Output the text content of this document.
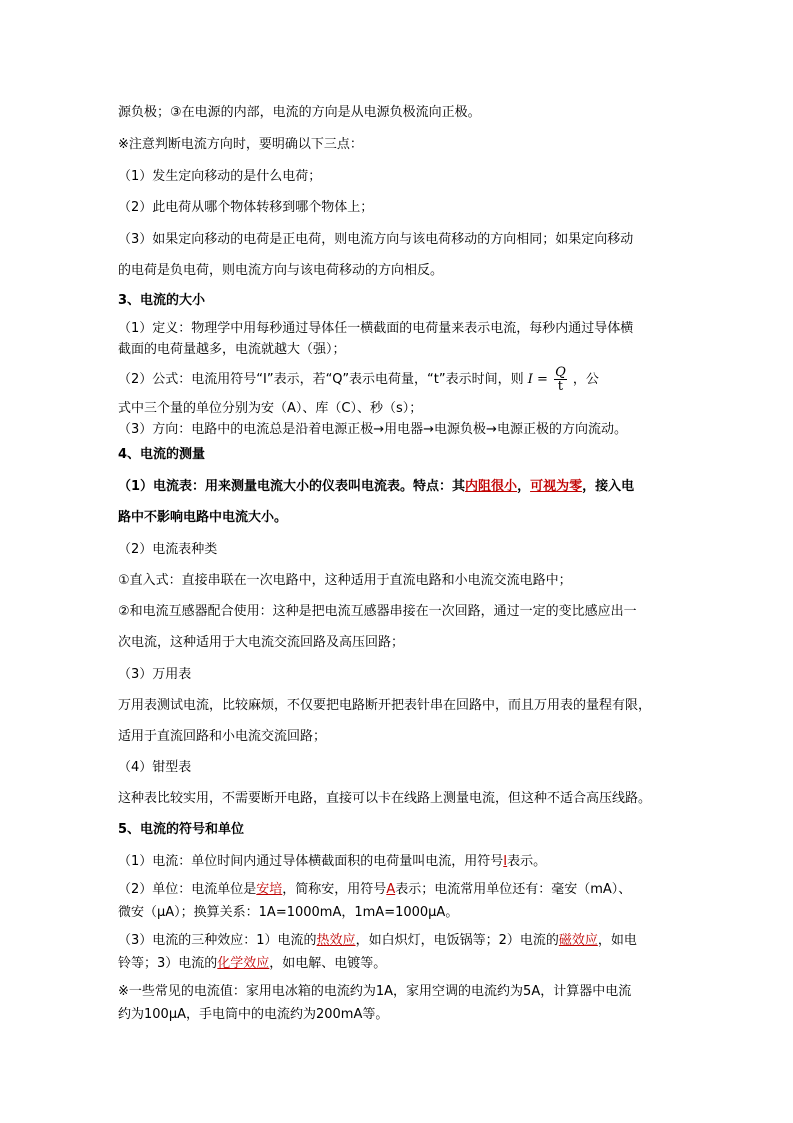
源负极；③在电源的内部，电流的方向是从电源负极流向正极。
※注意判断电流方向时，要明确以下三点：
（1）发生定向移动的是什么电荷；
（2）此电荷从哪个物体转移到哪个物体上；
（3）如果定向移动的电荷是正电荷，则电流方向与该电荷移动的方向相同；如果定向移动
的电荷是负电荷，则电流方向与该电荷移动的方向相反。
3、电流的大小
（1）定义：物理学中用每秒通过导体任一横截面的电荷量来表示电流，每秒内通过导体横
截面的电荷量越多，电流就越大（强）；
（2）公式：电流用符号“I”表示，若“Q”表示电荷量，“t”表示时间，则 $I = \frac{Q}{t}$ ，公
式中三个量的单位分别为安（A）、库（C）、秒（s）；
（3）方向：电路中的电流总是沿着电源正极→用电器→电源负极→电源正极的方向流动。
4、电流的测量
（1）电流表：用来测量电流大小的仪表叫电流表。特点：其内阻很小，可视为零，接入电
路中不影响电路中电流大小。
（2）电流表种类
①直入式：直接串联在一次电路中，这种适用于直流电路和小电流交流电路中；
②和电流互感器配合使用：这种是把电流互感器串接在一次回路，通过一定的变比感应出一
次电流，这种适用于大电流交流回路及高压回路；
（3）万用表
万用表测试电流，比较麻烦，不仅要把电路断开把表针串在回路中，而且万用表的量程有限，
适用于直流回路和小电流交流回路；
（4）钳型表
这种表比较实用，不需要断开电路，直接可以卡在线路上测量电流，但这种不适合高压线路。
5、电流的符号和单位
（1）电流：单位时间内通过导体横截面积的电荷量叫电流，用符号I表示。
（2）单位：电流单位是安培，简称安，用符号A表示；电流常用单位还有：毫安（mA）、
微安（μA）；换算关系：1A=1000mA，1mA=1000μA。
（3）电流的三种效应：1）电流的热效应，如白炽灯，电饭锅等；2）电流的磁效应，如电
铃等；3）电流的化学效应，如电解、电镀等。
※一些常见的电流值：家用电冰箱的电流约为1A，家用空调的电流约为5A，计算器中电流
约为100μA，手电筒中的电流约为200mA等。
